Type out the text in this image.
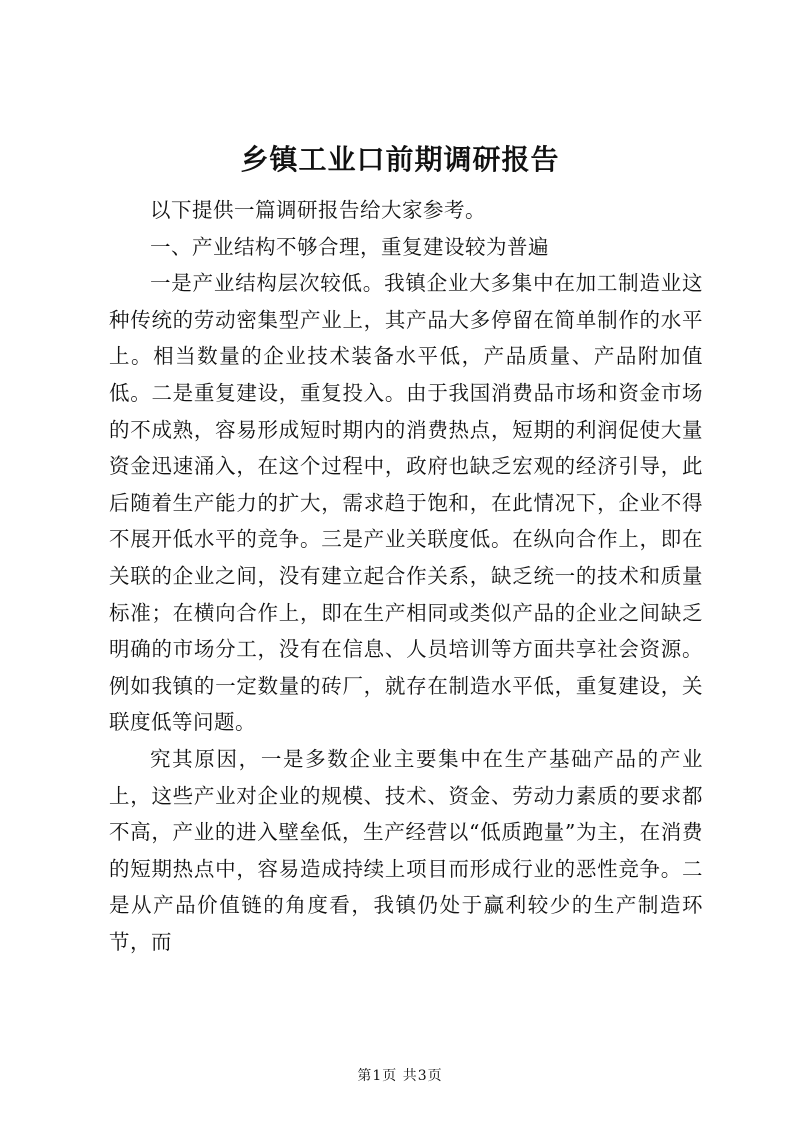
乡镇工业口前期调研报告

以下提供一篇调研报告给大家参考。

一、产业结构不够合理，重复建设较为普遍

一是产业结构层次较低。我镇企业大多集中在加工制造业这种传统的劳动密集型产业上，其产品大多停留在简单制作的水平上。相当数量的企业技术装备水平低，产品质量、产品附加值低。二是重复建设，重复投入。由于我国消费品市场和资金市场的不成熟，容易形成短时期内的消费热点，短期的利润促使大量资金迅速涌入，在这个过程中，政府也缺乏宏观的经济引导，此后随着生产能力的扩大，需求趋于饱和，在此情况下，企业不得不展开低水平的竞争。三是产业关联度低。在纵向合作上，即在关联的企业之间，没有建立起合作关系，缺乏统一的技术和质量标准；在横向合作上，即在生产相同或类似产品的企业之间缺乏明确的市场分工，没有在信息、人员培训等方面共享社会资源。例如我镇的一定数量的砖厂，就存在制造水平低，重复建设，关联度低等问题。

究其原因，一是多数企业主要集中在生产基础产品的产业上，这些产业对企业的规模、技术、资金、劳动力素质的要求都不高，产业的进入壁垒低，生产经营以“低质跑量”为主，在消费的短期热点中，容易造成持续上项目而形成行业的恶性竞争。二是从产品价值链的角度看，我镇仍处于赢利较少的生产制造环节，而

第1页 共3页
